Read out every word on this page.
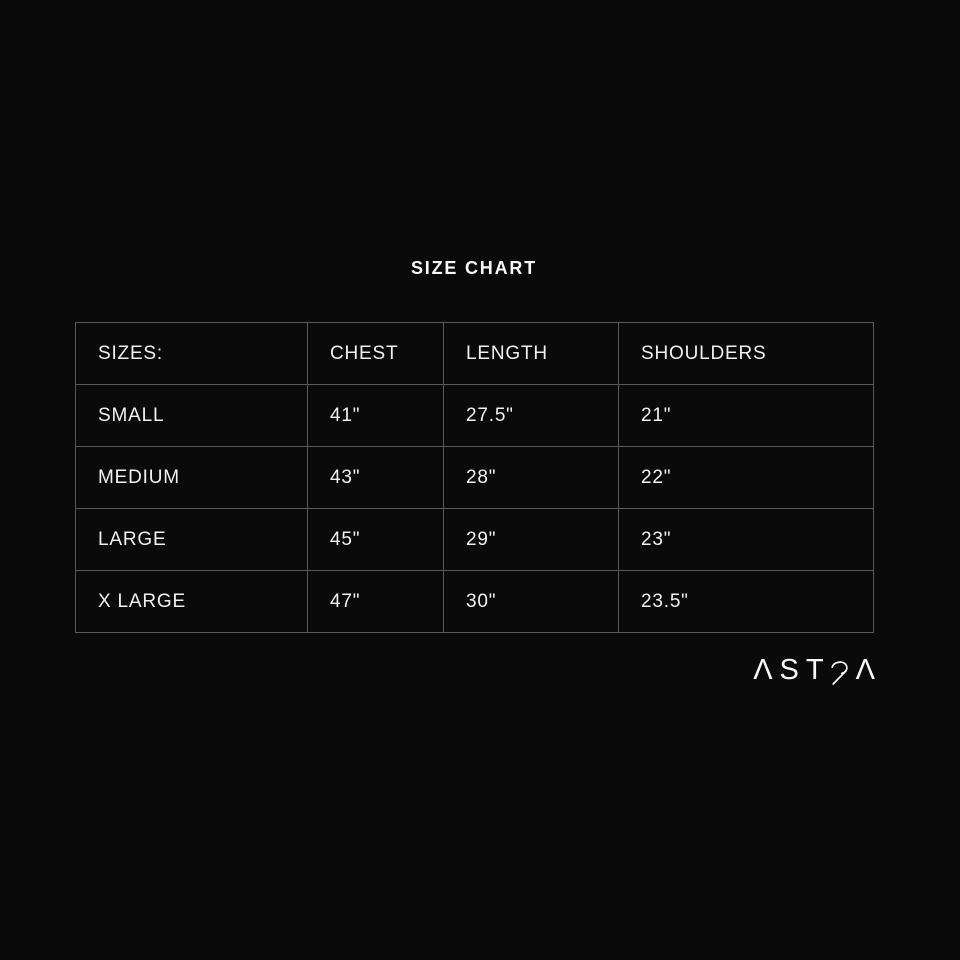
SIZE CHART
SIZES:	CHEST	LENGTH	SHOULDERS
SMALL	41"	27.5"	21"
MEDIUM	43"	28"	22"
LARGE	45"	29"	23"
X LARGE	47"	30"	23.5"
ΛST Λ
